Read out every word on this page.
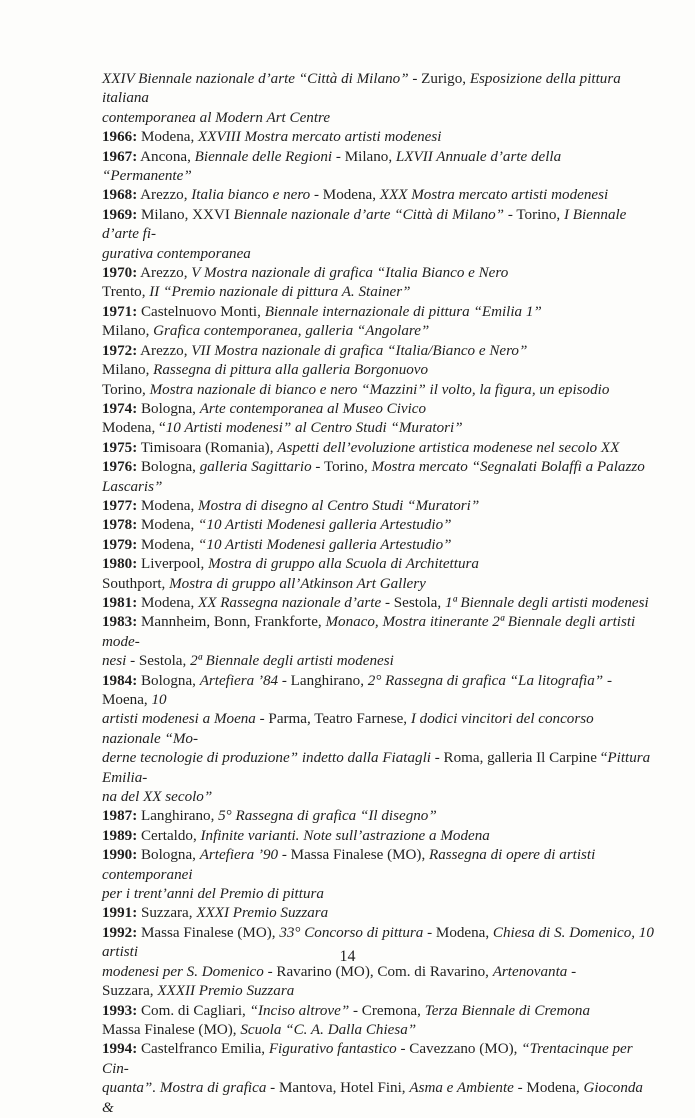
XXIV Biennale nazionale d’arte “Città di Milano” - Zurigo, Esposizione della pittura italiana

contemporanea al Modern Art Centre

1966: Modena, XXVIII Mostra mercato artisti modenesi

1967: Ancona, Biennale delle Regioni - Milano, LXVII Annuale d’arte della “Permanente”

1968: Arezzo, Italia bianco e nero - Modena, XXX Mostra mercato artisti modenesi

1969: Milano, XXVI Biennale nazionale d’arte “Città di Milano” - Torino, I Biennale d’arte fi-

gurativa contemporanea

1970: Arezzo, V Mostra nazionale di grafica “Italia Bianco e Nero

Trento, II “Premio nazionale di pittura A. Stainer”

1971: Castelnuovo Monti, Biennale internazionale di pittura “Emilia 1”

Milano, Grafica contemporanea, galleria “Angolare”

1972: Arezzo, VII Mostra nazionale di grafica “Italia/Bianco e Nero”

Milano, Rassegna di pittura alla galleria Borgonuovo

Torino, Mostra nazionale di bianco e nero “Mazzini” il volto, la figura, un episodio

1974: Bologna, Arte contemporanea al Museo Civico

Modena, “10 Artisti modenesi” al Centro Studi “Muratori”

1975: Timisoara (Romania), Aspetti dell’evoluzione artistica modenese nel secolo XX

1976: Bologna, galleria Sagittario - Torino, Mostra mercato “Segnalati Bolaffi a Palazzo Lascaris”

1977: Modena, Mostra di disegno al Centro Studi “Muratori”

1978: Modena, “10 Artisti Modenesi galleria Artestudio”

1979: Modena, “10 Artisti Modenesi galleria Artestudio”

1980: Liverpool, Mostra di gruppo alla Scuola di Architettura

Southport, Mostra di gruppo all’Atkinson Art Gallery

1981: Modena, XX Rassegna nazionale d’arte - Sestola, 1ª Biennale degli artisti modenesi

1983: Mannheim, Bonn, Frankforte, Monaco, Mostra itinerante 2ª Biennale degli artisti mode-

nesi - Sestola, 2ª Biennale degli artisti modenesi

1984: Bologna, Artefiera ’84 - Langhirano, 2° Rassegna di grafica “La litografia” - Moena, 10

artisti modenesi a Moena - Parma, Teatro Farnese, I dodici vincitori del concorso nazionale “Mo-

derne tecnologie di produzione” indetto dalla Fiatagli - Roma, galleria Il Carpine “Pittura Emilia-

na del XX secolo”

1987: Langhirano, 5° Rassegna di grafica “Il disegno”

1989: Certaldo, Infinite varianti. Note sull’astrazione a Modena

1990: Bologna, Artefiera ’90 - Massa Finalese (MO), Rassegna di opere di artisti contemporanei

per i trent’anni del Premio di pittura

1991: Suzzara, XXXI Premio Suzzara

1992: Massa Finalese (MO), 33° Concorso di pittura - Modena, Chiesa di S. Domenico, 10 artisti

modenesi per S. Domenico - Ravarino (MO), Com. di Ravarino, Artenovanta -

Suzzara, XXXII Premio Suzzara

1993: Com. di Cagliari, “Inciso altrove” - Cremona, Terza Biennale di Cremona

Massa Finalese (MO), Scuola “C. A. Dalla Chiesa”

1994: Castelfranco Emilia, Figurativo fantastico - Cavezzano (MO), “Trentacinque per Cin-

quanta”. Mostra di grafica - Mantova, Hotel Fini, Asma e Ambiente - Modena, Gioconda &

14
